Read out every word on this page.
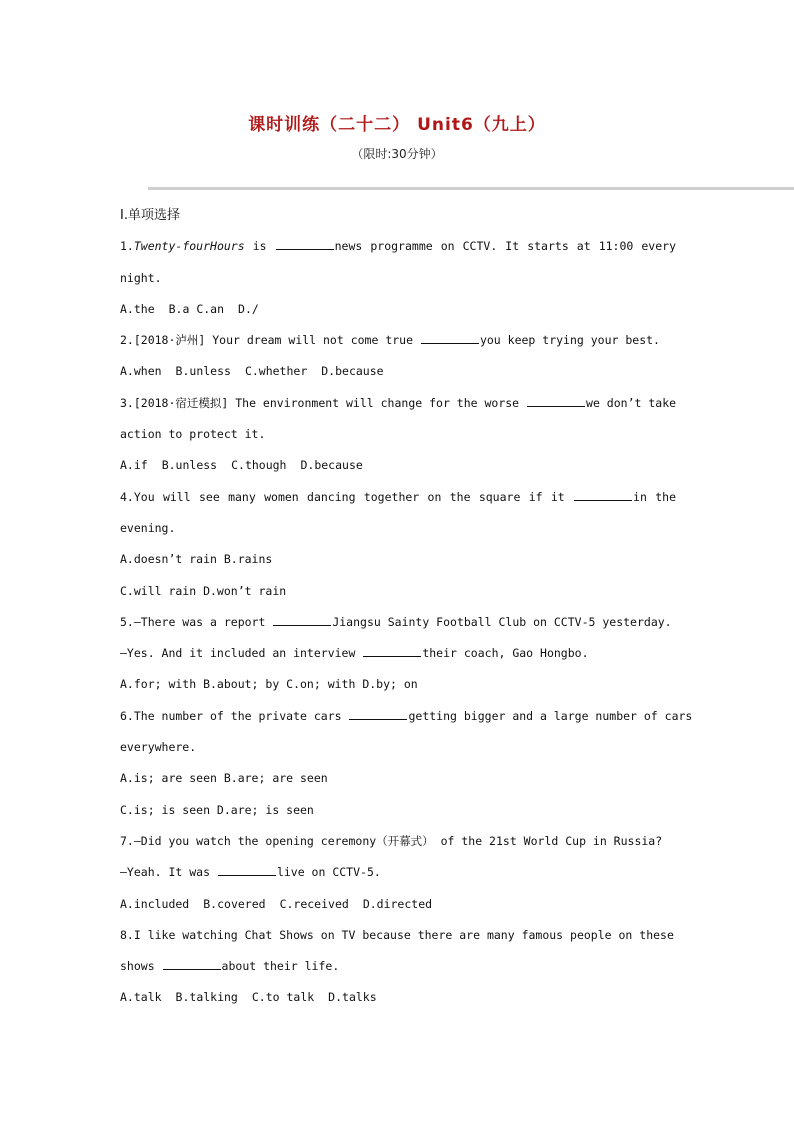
课时训练（二十二） Unit6（九上）
（限时:30分钟）
Ⅰ.单项选择
1.Twenty-fourHours is	news programme on CCTV. It starts at 11:00 every
night.
A.the B.a C.an D./
2.[2018·泸州] Your dream will not come true	you keep trying your best.
A.when B.unless C.whether D.because
3.[2018·宿迁模拟] The environment will change for the worse	we don’t take
action to protect it.
A.if B.unless C.though D.because
4.You will see many women dancing together on the square if it	in the
evening.
A.doesn’t rain B.rains
C.will rain D.won’t rain
5.—There was a report	Jiangsu Sainty Football Club on CCTV-5 yesterday.
—Yes. And it included an interview	their coach, Gao Hongbo.
A.for; with B.about; by C.on; with D.by; on
6.The number of the private cars	getting bigger and a large number of cars
everywhere.
A.is; are seen B.are; are seen
C.is; is seen D.are; is seen
7.—Did you watch the opening ceremony（开幕式） of the 21st World Cup in Russia?
—Yeah. It was	live on CCTV-5.
A.included B.covered C.received D.directed
8.I like watching Chat Shows on TV because there are many famous people on these
shows	about their life.
A.talk B.talking C.to talk D.talks
